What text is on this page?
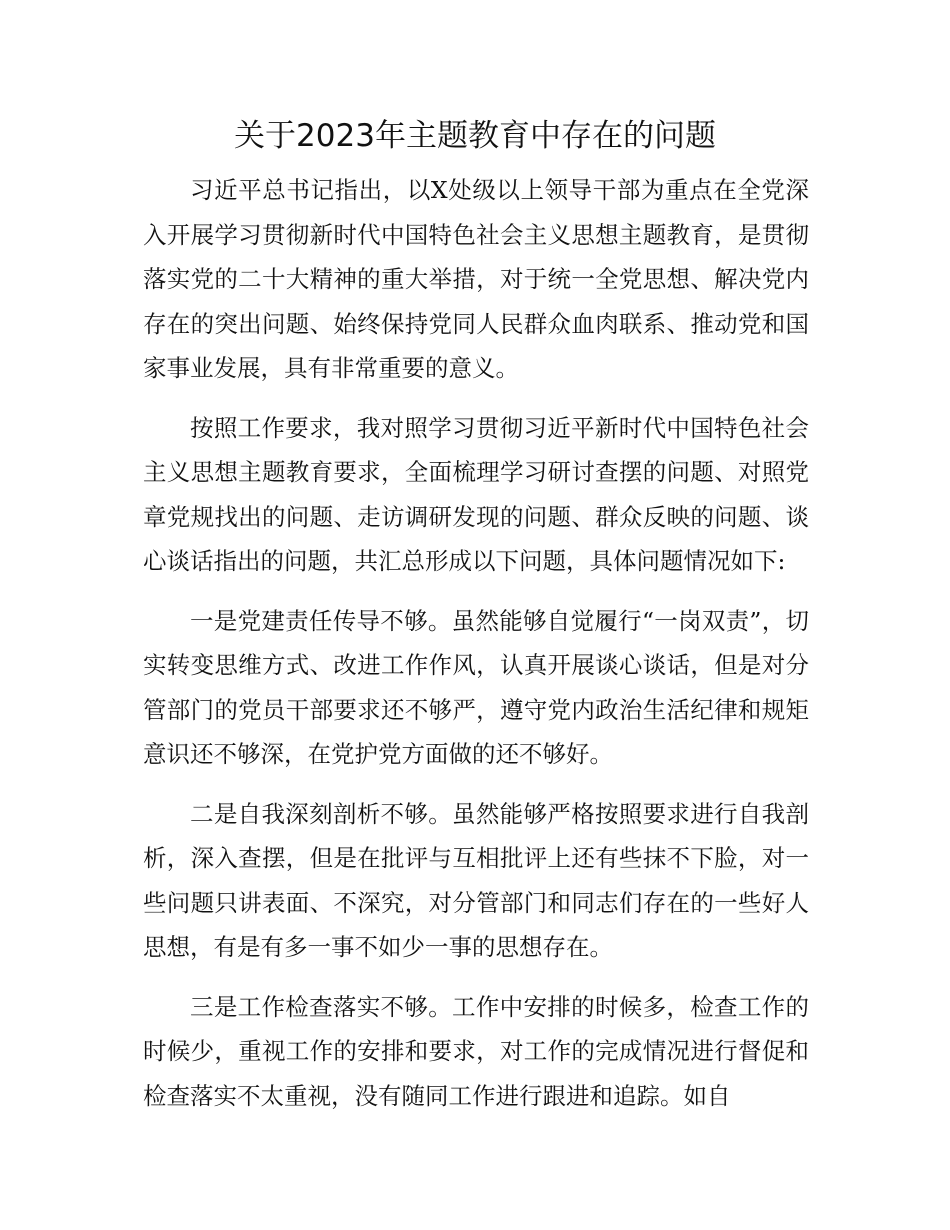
关于2023年主题教育中存在的问题

习近平总书记指出，以X处级以上领导干部为重点在全党深入开展学习贯彻新时代中国特色社会主义思想主题教育，是贯彻落实党的二十大精神的重大举措，对于统一全党思想、解决党内存在的突出问题、始终保持党同人民群众血肉联系、推动党和国家事业发展，具有非常重要的意义。

按照工作要求，我对照学习贯彻习近平新时代中国特色社会主义思想主题教育要求，全面梳理学习研讨查摆的问题、对照党章党规找出的问题、走访调研发现的问题、群众反映的问题、谈心谈话指出的问题，共汇总形成以下问题，具体问题情况如下:

一是党建责任传导不够。虽然能够自觉履行“一岗双责”，切实转变思维方式、改进工作作风，认真开展谈心谈话，但是对分管部门的党员干部要求还不够严，遵守党内政治生活纪律和规矩意识还不够深，在党护党方面做的还不够好。

二是自我深刻剖析不够。虽然能够严格按照要求进行自我剖析，深入查摆，但是在批评与互相批评上还有些抹不下脸，对一些问题只讲表面、不深究，对分管部门和同志们存在的一些好人思想，有是有多一事不如少一事的思想存在。

三是工作检查落实不够。工作中安排的时候多，检查工作的时候少，重视工作的安排和要求，对工作的完成情况进行督促和检查落实不太重视，没有随同工作进行跟进和追踪。如自
